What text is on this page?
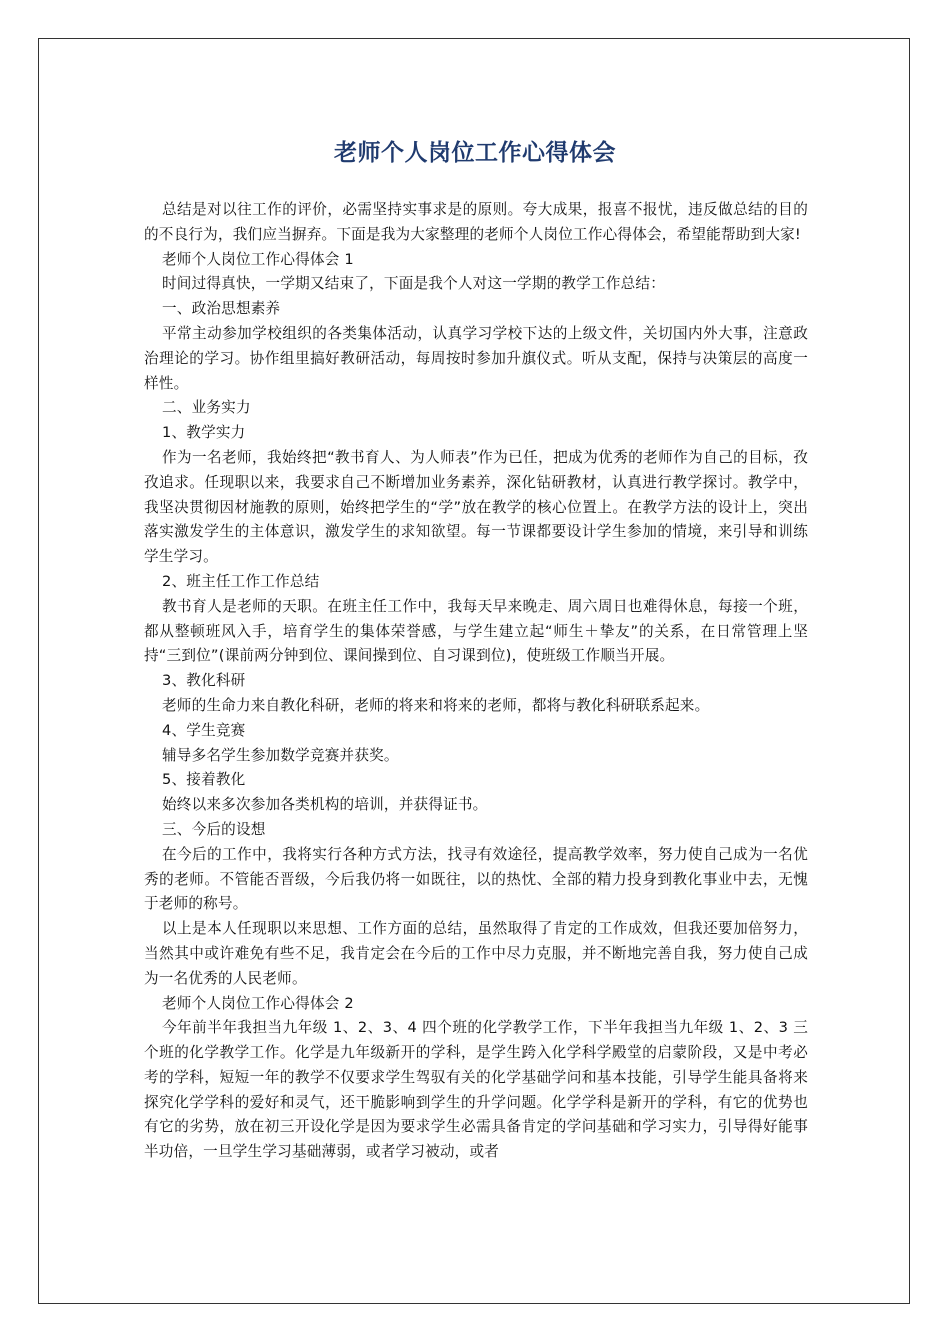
老师个人岗位工作心得体会

总结是对以往工作的评价，必需坚持实事求是的原则。夸大成果，报喜不报忧，违反做总结的目的的不良行为，我们应当摒弃。下面是我为大家整理的老师个人岗位工作心得体会，希望能帮助到大家!

老师个人岗位工作心得体会 1

时间过得真快，一学期又结束了，下面是我个人对这一学期的教学工作总结：

一、政治思想素养

平常主动参加学校组织的各类集体活动，认真学习学校下达的上级文件，关切国内外大事，注意政治理论的学习。协作组里搞好教研活动，每周按时参加升旗仪式。听从支配，保持与决策层的高度一样性。

二、业务实力

1、教学实力

作为一名老师，我始终把“教书育人、为人师表”作为已任，把成为优秀的老师作为自己的目标，孜孜追求。任现职以来，我要求自己不断增加业务素养，深化钻研教材，认真进行教学探讨。教学中，我坚决贯彻因材施教的原则，始终把学生的“学”放在教学的核心位置上。在教学方法的设计上，突出落实激发学生的主体意识，激发学生的求知欲望。每一节课都要设计学生参加的情境，来引导和训练学生学习。

2、班主任工作工作总结

教书育人是老师的天职。在班主任工作中，我每天早来晚走、周六周日也难得休息，每接一个班，都从整顿班风入手，培育学生的集体荣誉感，与学生建立起“师生＋挚友”的关系，在日常管理上坚持“三到位”(课前两分钟到位、课间操到位、自习课到位)，使班级工作顺当开展。

3、教化科研

老师的生命力来自教化科研，老师的将来和将来的老师，都将与教化科研联系起来。

4、学生竞赛

辅导多名学生参加数学竞赛并获奖。

5、接着教化

始终以来多次参加各类机构的培训，并获得证书。

三、今后的设想

在今后的工作中，我将实行各种方式方法，找寻有效途径，提高教学效率，努力使自己成为一名优秀的老师。不管能否晋级，今后我仍将一如既往，以的热忱、全部的精力投身到教化事业中去，无愧于老师的称号。

以上是本人任现职以来思想、工作方面的总结，虽然取得了肯定的工作成效，但我还要加倍努力，当然其中或许难免有些不足，我肯定会在今后的工作中尽力克服，并不断地完善自我，努力使自己成为一名优秀的人民老师。

老师个人岗位工作心得体会 2

今年前半年我担当九年级 1、2、3、4 四个班的化学教学工作，下半年我担当九年级 1、2、3 三个班的化学教学工作。化学是九年级新开的学科，是学生跨入化学科学殿堂的启蒙阶段，又是中考必考的学科，短短一年的教学不仅要求学生驾驭有关的化学基础学问和基本技能，引导学生能具备将来探究化学学科的爱好和灵气，还干脆影响到学生的升学问题。化学学科是新开的学科，有它的优势也有它的劣势，放在初三开设化学是因为要求学生必需具备肯定的学问基础和学习实力，引导得好能事半功倍，一旦学生学习基础薄弱，或者学习被动，或者
